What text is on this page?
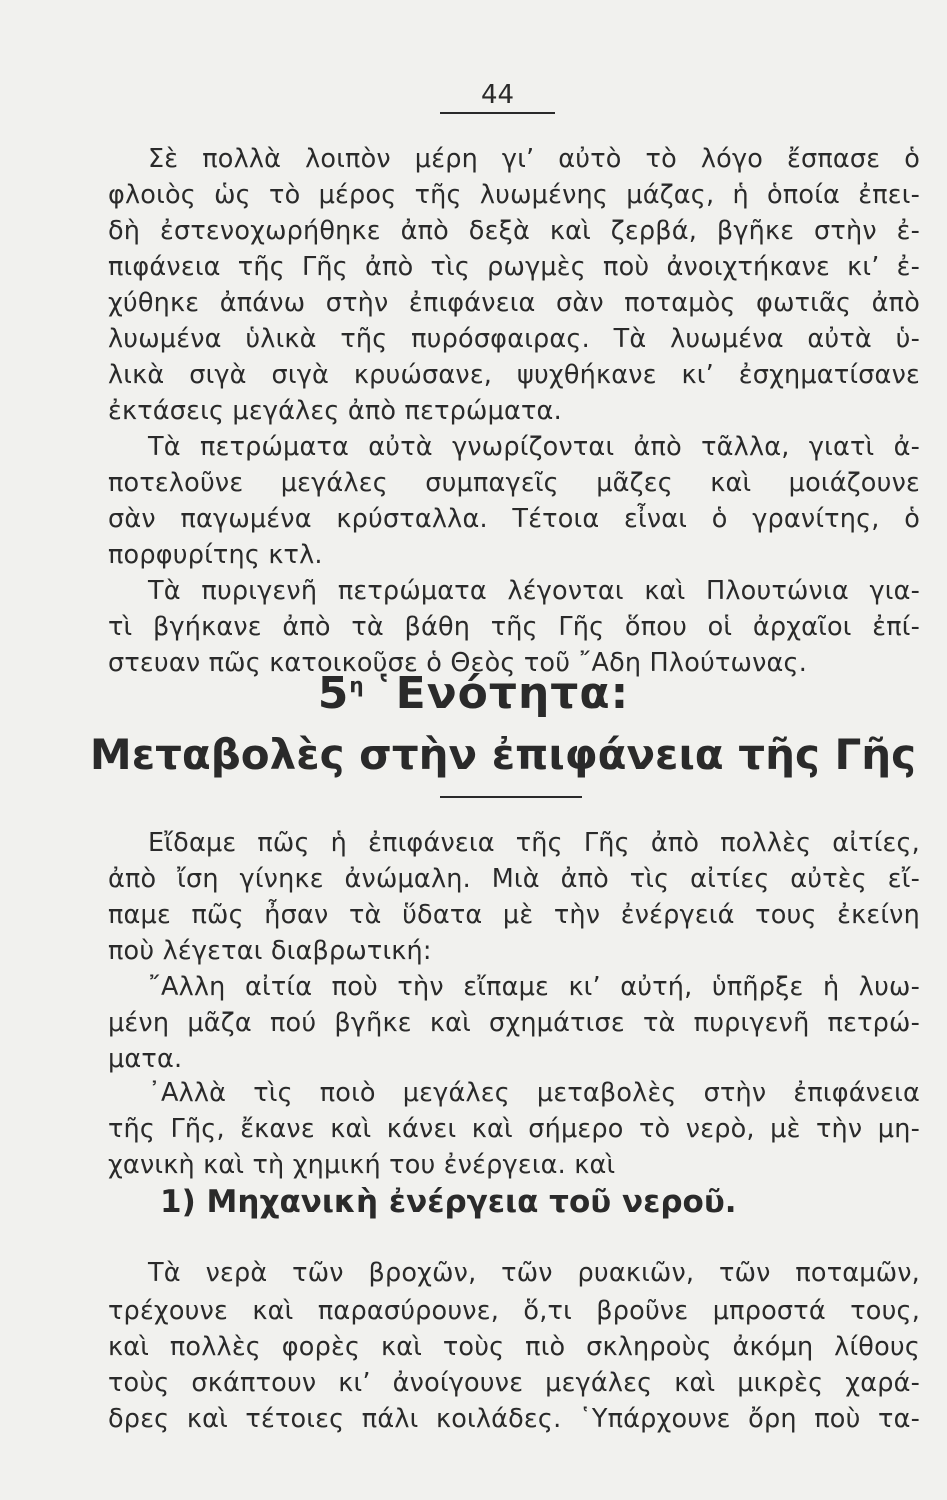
44
Σὲ πολλὰ λοιπὸν μέρη γι’ αὐτὸ τὸ λόγο ἔσπασε ὁ
φλοιὸς ὡς τὸ μέρος τῆς λυωμένης μάζας, ἡ ὁποία ἐπει-
δὴ ἐστενοχωρήθηκε ἀπὸ δεξὰ καὶ ζερβά, βγῆκε στὴν ἐ-
πιφάνεια τῆς Γῆς ἀπὸ τὶς ρωγμὲς ποὺ ἀνοιχτήκανε κι’ ἐ-
χύθηκε ἀπάνω στὴν ἐπιφάνεια σὰν ποταμὸς φωτιᾶς ἀπὸ
λυωμένα ὑλικὰ τῆς πυρόσφαιρας. Τὰ λυωμένα αὐτὰ ὑ-
λικὰ σιγὰ σιγὰ κρυώσανε, ψυχθήκανε κι’ ἐσχηματίσανε
ἐκτάσεις μεγάλες ἀπὸ πετρώματα.
Τὰ πετρώματα αὐτὰ γνωρίζονται ἀπὸ τᾶλλα, γιατὶ ἀ-
ποτελοῦνε μεγάλες συμπαγεῖς μᾶζες καὶ μοιάζουνε
σὰν παγωμένα κρύσταλλα. Τέτοια εἶναι ὁ γρανίτης, ὁ
πορφυρίτης κτλ.
Τὰ πυριγενῆ πετρώματα λέγονται καὶ Πλουτώνια για-
τὶ βγήκανε ἀπὸ τὰ βάθη τῆς Γῆς ὅπου οἱ ἀρχαῖοι ἐπί-
στευαν πῶς κατοικοῦσε ὁ Θεὸς τοῦ ῎Αδη Πλούτωνας.
$5^\eta$ ῾Ενότητα:
Μεταβολὲς στὴν ἐπιφάνεια τῆς Γῆς
Εἴδαμε πῶς ἡ ἐπιφάνεια τῆς Γῆς ἀπὸ πολλὲς αἰτίες,
ἀπὸ ἴση γίνηκε ἀνώμαλη. Μιὰ ἀπὸ τὶς αἰτίες αὐτὲς εἴ-
παμε πῶς ἦσαν τὰ ὕδατα μὲ τὴν ἐνέργειά τους ἐκείνη
ποὺ λέγεται διαβρωτική:
῎Αλλη αἰτία ποὺ τὴν εἴπαμε κι’ αὐτή, ὑπῆρξε ἡ λυω-
μένη μᾶζα πού βγῆκε καὶ σχημάτισε τὰ πυριγενῆ πετρώ-
ματα.
᾿Αλλὰ τὶς ποιὸ μεγάλες μεταβολὲς στὴν ἐπιφάνεια
τῆς Γῆς, ἔκανε καὶ κάνει καὶ σήμερο τὸ νερὸ, μὲ τὴν μη-
χανικὴ καὶ τὴ χημική του ἐνέργεια. καὶ
1) Μηχανικὴ ἐνέργεια τοῦ νεροῦ.
Τὰ νερὰ τῶν βροχῶν, τῶν ρυακιῶν, τῶν ποταμῶν,
τρέχουνε καὶ παρασύρουνε, ὅ,τι βροῦνε μπροστά τους,
καὶ πολλὲς φορὲς καὶ τοὺς πιὸ σκληροὺς ἀκόμη λίθους
τοὺς σκάπτουν κι’ ἀνοίγουνε μεγάλες καὶ μικρὲς χαρά-
δρες καὶ τέτοιες πάλι κοιλάδες. ῾Υπάρχουνε ὄρη ποὺ τα-
